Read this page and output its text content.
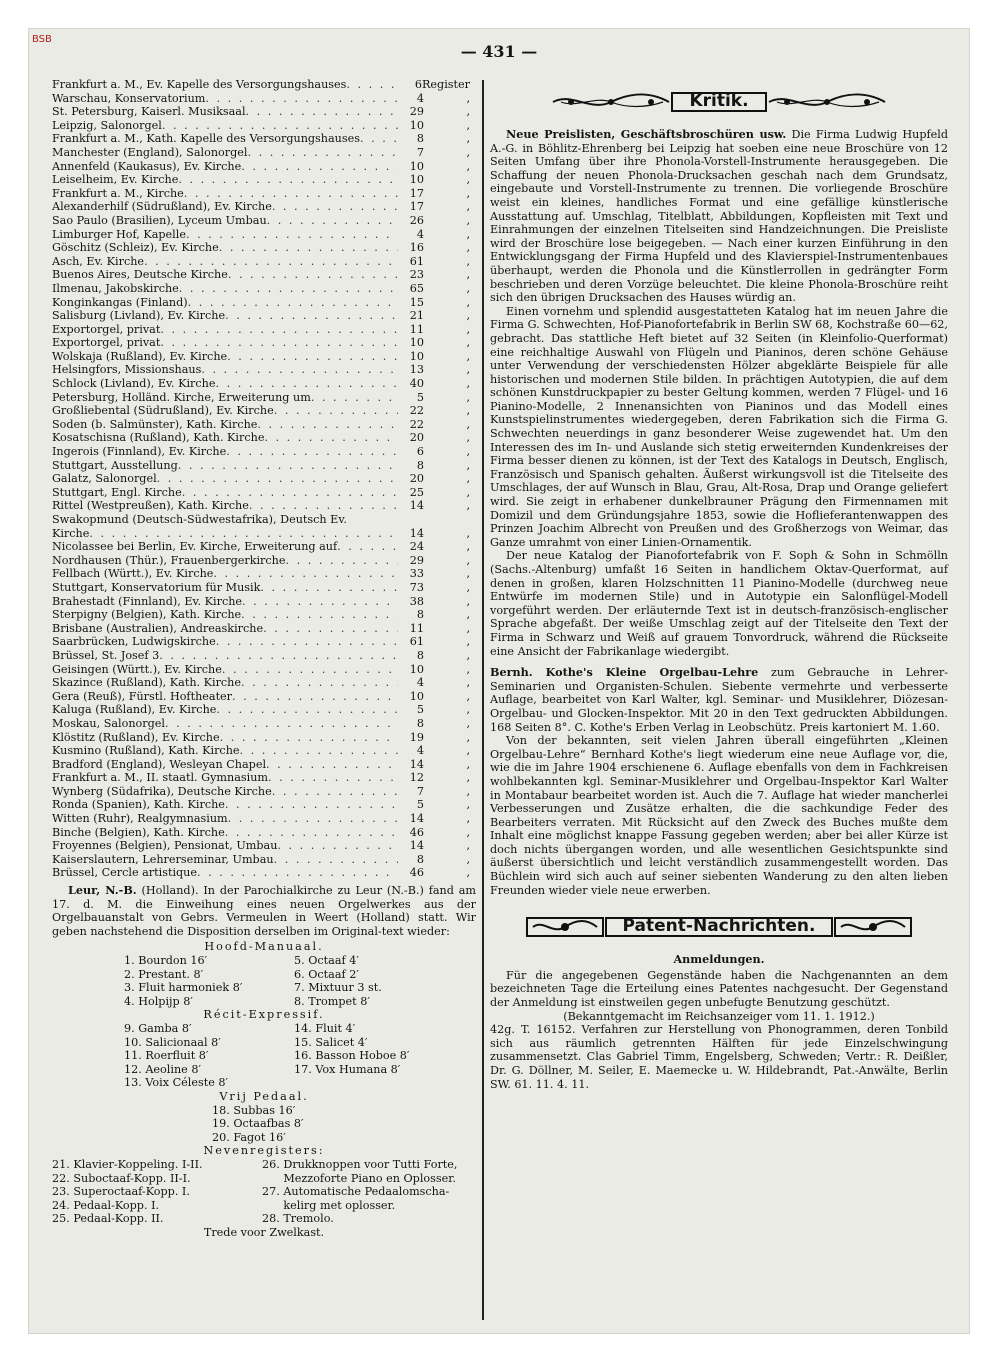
BSB
— 431 —
Frankfurt a. M., Ev. Kapelle des Versorgungshauses . . .	6 Register
Warschau, Konservatorium . . .	4	,
St. Petersburg, Kaiserl. Musiksaal . . .	29	,
Leipzig, Salonorgel . . .	10	,
Frankfurt a. M., Kath. Kapelle des Versorgungshauses . . .	8	,
Manchester (England), Salonorgel . . .	7	,
Annenfeld (Kaukasus), Ev. Kirche . . .	10	,
Leiselheim, Ev. Kirche . . .	10	,
Frankfurt a. M., Kirche . . .	17	,
Alexanderhilf (Südrußland), Ev. Kirche . . .	17	,
Sao Paulo (Brasilien), Lyceum Umbau . . .	26	,
Limburger Hof, Kapelle . . .	4	,
Göschitz (Schleiz), Ev. Kirche . . .	16	,
Asch, Ev. Kirche . . .	61	,
Buenos Aires, Deutsche Kirche . . .	23	,
Ilmenau, Jakobskirche . . .	65	,
Konginkangas (Finland) . . .	15	,
Salisburg (Livland), Ev. Kirche . . .	21	,
Exportorgel, privat . . .	11	,
Exportorgel, privat . . .	10	,
Wolskaja (Rußland), Ev. Kirche . . .	10	,
Helsingfors, Missionshaus . . .	13	,
Schlock (Livland), Ev. Kirche . . .	40	,
Petersburg, Holländ. Kirche, Erweiterung um . . .	5	,
Großliebental (Südrußland), Ev. Kirche . . .	22	,
Soden (b. Salmünster), Kath. Kirche . . .	22	,
Kosatschisna (Rußland), Kath. Kirche . . .	20	,
Ingerois (Finnland), Ev. Kirche . . .	6	,
Stuttgart, Ausstellung . . .	8	,
Galatz, Salonorgel . . .	20	,
Stuttgart, Engl. Kirche . . .	25	,
Rittel (Westpreußen), Kath. Kirche . . .	14	,
Swakopmund (Deutsch-Südwestafrika), Deutsch Ev.
Kirche . . .	14	,
Nicolassee bei Berlin, Ev. Kirche, Erweiterung auf . . .	24	,
Nordhausen (Thür.), Frauenbergerkirche . . .	29	,
Fellbach (Württ.), Ev. Kirche . . .	33	,
Stuttgart, Konservatorium für Musik . . .	73	,
Brahestadt (Finnland), Ev. Kirche . . .	38	,
Sterpigny (Belgien), Kath. Kirche . . .	8	,
Brisbane (Australien), Andreaskirche . . .	11	,
Saarbrücken, Ludwigskirche . . .	61	,
Brüssel, St. Josef 3 . . .	8	,
Geisingen (Württ.), Ev. Kirche . . .	10	,
Skazince (Rußland), Kath. Kirche . . .	4	,
Gera (Reuß), Fürstl. Hoftheater . . .	10	,
Kaluga (Rußland), Ev. Kirche . . .	5	,
Moskau, Salonorgel . . .	8	,
Klöstitz (Rußland), Ev. Kirche . . .	19	,
Kusmino (Rußland), Kath. Kirche . . .	4	,
Bradford (England), Wesleyan Chapel . . .	14	,
Frankfurt a. M., II. staatl. Gymnasium . . .	12	,
Wynberg (Südafrika), Deutsche Kirche . . .	7	,
Ronda (Spanien), Kath. Kirche . . .	5	,
Witten (Ruhr), Realgymnasium . . .	14	,
Binche (Belgien), Kath. Kirche . . .	46	,
Froyennes (Belgien), Pensionat, Umbau . . .	14	,
Kaiserslautern, Lehrerseminar, Umbau . . .	8	,
Brüssel, Cercle artistique . . .	46	,

Leur, N.-B. (Holland). In der Parochialkirche zu Leur (N.-B.) fand am 17. d. M. die Einweihung eines neuen Orgelwerkes aus der Orgelbauanstalt von Gebrs. Vermeulen in Weert (Holland) statt. Wir geben nachstehend die Disposition derselben im Original-text wieder:

Hoofd-Manuaal.
1. Bourdon 16′	5. Octaaf 4′
2. Prestant. 8′	6. Octaaf 2′
3. Fluit harmoniek 8′	7. Mixtuur 3 st.
4. Holpijp 8′	8. Trompet 8′
Récit-Expressif.
9. Gamba 8′	14. Fluit 4′
10. Salicionaal 8′	15. Salicet 4′
11. Roerfluit 8′	16. Basson Hoboe 8′
12. Aeoline 8′	17. Vox Humana 8′
13. Voix Céleste 8′
Vrij Pedaal.
18. Subbas 16′
19. Octaafbas 8′
20. Fagot 16′
Nevenregisters:
21. Klavier-Koppeling. I-II.	26. Drukknoppen voor Tutti Forte,
22. Suboctaaf-Kopp. II-I.	Mezzoforte Piano en Oplosser.
23. Superoctaaf-Kopp. I.	27. Automatische Pedaalomscha-
24. Pedaal-Kopp. I.	kelirg met oplosser.
25. Pedaal-Kopp. II.	28. Tremolo.
Trede voor Zwelkast.
Kritik.

Neue Preislisten, Geschäftsbroschüren usw. Die Firma Ludwig Hupfeld A.-G. in Böhlitz-Ehrenberg bei Leipzig hat soeben eine neue Broschüre von 12 Seiten Umfang über ihre Phonola-Vorstell-Instrumente herausgegeben. Die Schaffung der neuen Phonola-Drucksachen geschah nach dem Grundsatz, eingebaute und Vorstell-Instrumente zu trennen. Die vorliegende Broschüre weist ein kleines, handliches Format und eine gefällige künstlerische Ausstattung auf. Umschlag, Titelblatt, Abbildungen, Kopfleisten mit Text und Einrahmungen der einzelnen Titelseiten sind Handzeichnungen. Die Preisliste wird der Broschüre lose beigegeben. — Nach einer kurzen Einführung in den Entwicklungsgang der Firma Hupfeld und des Klavierspiel-Instrumentenbaues überhaupt, werden die Phonola und die Künstlerrollen in gedrängter Form beschrieben und deren Vorzüge beleuchtet. Die kleine Phonola-Broschüre reiht sich den übrigen Drucksachen des Hauses würdig an.

Einen vornehm und splendid ausgestatteten Katalog hat im neuen Jahre die Firma G. Schwechten, Hof-Pianofortefabrik in Berlin SW 68, Kochstraße 60—62, gebracht. Das stattliche Heft bietet auf 32 Seiten (in Kleinfolio-Querformat) eine reichhaltige Auswahl von Flügeln und Pianinos, deren schöne Gehäuse unter Verwendung der verschiedensten Hölzer abgeklärte Beispiele für alle historischen und modernen Stile bilden. In prächtigen Autotypien, die auf dem schönen Kunstdruckpapier zu bester Geltung kommen, werden 7 Flügel- und 16 Pianino-Modelle, 2 Innenansichten von Pianinos und das Modell eines Kunstspielinstrumentes wiedergegeben, deren Fabrikation sich die Firma G. Schwechten neuerdings in ganz besonderer Weise zugewendet hat. Um den Interessen des im In- und Auslande sich stetig erweiternden Kundenkreises der Firma besser dienen zu können, ist der Text des Katalogs in Deutsch, Englisch, Französisch und Spanisch gehalten. Äußerst wirkungsvoll ist die Titelseite des Umschlages, der auf Wunsch in Blau, Grau, Alt-Rosa, Drap und Orange geliefert wird. Sie zeigt in erhabener dunkelbrauner Prägung den Firmennamen mit Domizil und dem Gründungsjahre 1853, sowie die Hoflieferantenwappen des Prinzen Joachim Albrecht von Preußen und des Großherzogs von Weimar, das Ganze umrahmt von einer Linien-Ornamentik.

Der neue Katalog der Pianofortefabrik von F. Soph & Sohn in Schmölln (Sachs.-Altenburg) umfaßt 16 Seiten in handlichem Oktav-Querformat, auf denen in großen, klaren Holzschnitten 11 Pianino-Modelle (durchweg neue Entwürfe im modernen Stile) und in Autotypie ein Salonflügel-Modell vorgeführt werden. Der erläuternde Text ist in deutsch-französisch-englischer Sprache abgefaßt. Der weiße Umschlag zeigt auf der Titelseite den Text der Firma in Schwarz und Weiß auf grauem Tonvordruck, während die Rückseite eine Ansicht der Fabrikanlage wiedergibt.

Bernh. Kothe's Kleine Orgelbau-Lehre zum Gebrauche in Lehrer-Seminarien und Organisten-Schulen. Siebente vermehrte und verbesserte Auflage, bearbeitet von Karl Walter, kgl. Seminar- und Musiklehrer, Diözesan-Orgelbau- und Glocken-Inspektor. Mit 20 in den Text gedruckten Abbildungen. 168 Seiten 8°. C. Kothe's Erben Verlag in Leobschütz. Preis kartoniert M. 1.60.

Von der bekannten, seit vielen Jahren überall eingeführten „Kleinen Orgelbau-Lehre“ Bernhard Kothe's liegt wiederum eine neue Auflage vor, die, wie die im Jahre 1904 erschienene 6. Auflage ebenfalls von dem in Fachkreisen wohlbekannten kgl. Seminar-Musiklehrer und Orgelbau-Inspektor Karl Walter in Montabaur bearbeitet worden ist. Auch die 7. Auflage hat wieder mancherlei Verbesserungen und Zusätze erhalten, die die sachkundige Feder des Bearbeiters verraten. Mit Rücksicht auf den Zweck des Buches mußte dem Inhalt eine möglichst knappe Fassung gegeben werden; aber bei aller Kürze ist doch nichts übergangen worden, und alle wesentlichen Gesichtspunkte sind äußerst übersichtlich und leicht verständlich zusammengestellt worden. Das Büchlein wird sich auch auf seiner siebenten Wanderung zu den alten lieben Freunden wieder viele neue erwerben.

Patent-Nachrichten.
Anmeldungen.

Für die angegebenen Gegenstände haben die Nachgenannten an dem bezeichneten Tage die Erteilung eines Patentes nachgesucht. Der Gegenstand der Anmeldung ist einstweilen gegen unbefugte Benutzung geschützt.

(Bekanntgemacht im Reichsanzeiger vom 11. 1. 1912.)

42g. T. 16152. Verfahren zur Herstellung von Phonogrammen, deren Tonbild sich aus räumlich getrennten Hälften für jede Einzelschwingung zusammensetzt. Clas Gabriel Timm, Engelsberg, Schweden; Vertr.: R. Deißler, Dr. G. Döllner, M. Seiler, E. Maemecke u. W. Hildebrandt, Pat.-Anwälte, Berlin SW. 61. 11. 4. 11.
